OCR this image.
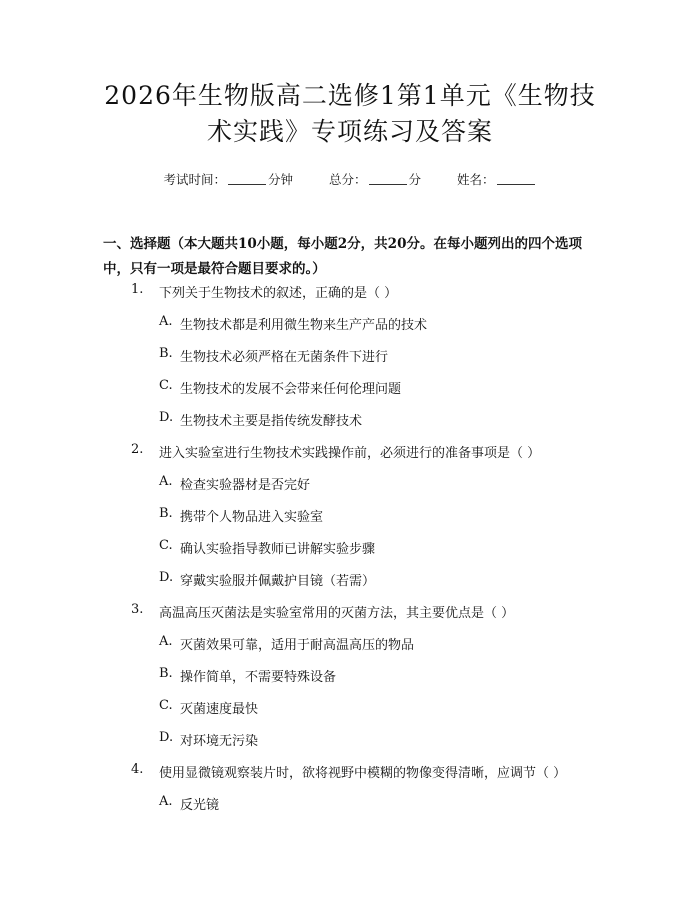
2026年生物版高二选修1第1单元《生物技
术实践》专项练习及答案
考试时间：	分钟	总分：	分	姓名：
一、选择题（本大题共10小题，每小题2分，共20分。在每小题列出的四个选项中，只有一项是最符合题目要求的。）
1. 下列关于生物技术的叙述，正确的是（ ）
A. 生物技术都是利用微生物来生产产品的技术
B. 生物技术必须严格在无菌条件下进行
C. 生物技术的发展不会带来任何伦理问题
D. 生物技术主要是指传统发酵技术
2. 进入实验室进行生物技术实践操作前，必须进行的准备事项是（ ）
A. 检查实验器材是否完好
B. 携带个人物品进入实验室
C. 确认实验指导教师已讲解实验步骤
D. 穿戴实验服并佩戴护目镜（若需）
3. 高温高压灭菌法是实验室常用的灭菌方法，其主要优点是（ ）
A. 灭菌效果可靠，适用于耐高温高压的物品
B. 操作简单，不需要特殊设备
C. 灭菌速度最快
D. 对环境无污染
4. 使用显微镜观察装片时，欲将视野中模糊的物像变得清晰，应调节（ ）
A. 反光镜
